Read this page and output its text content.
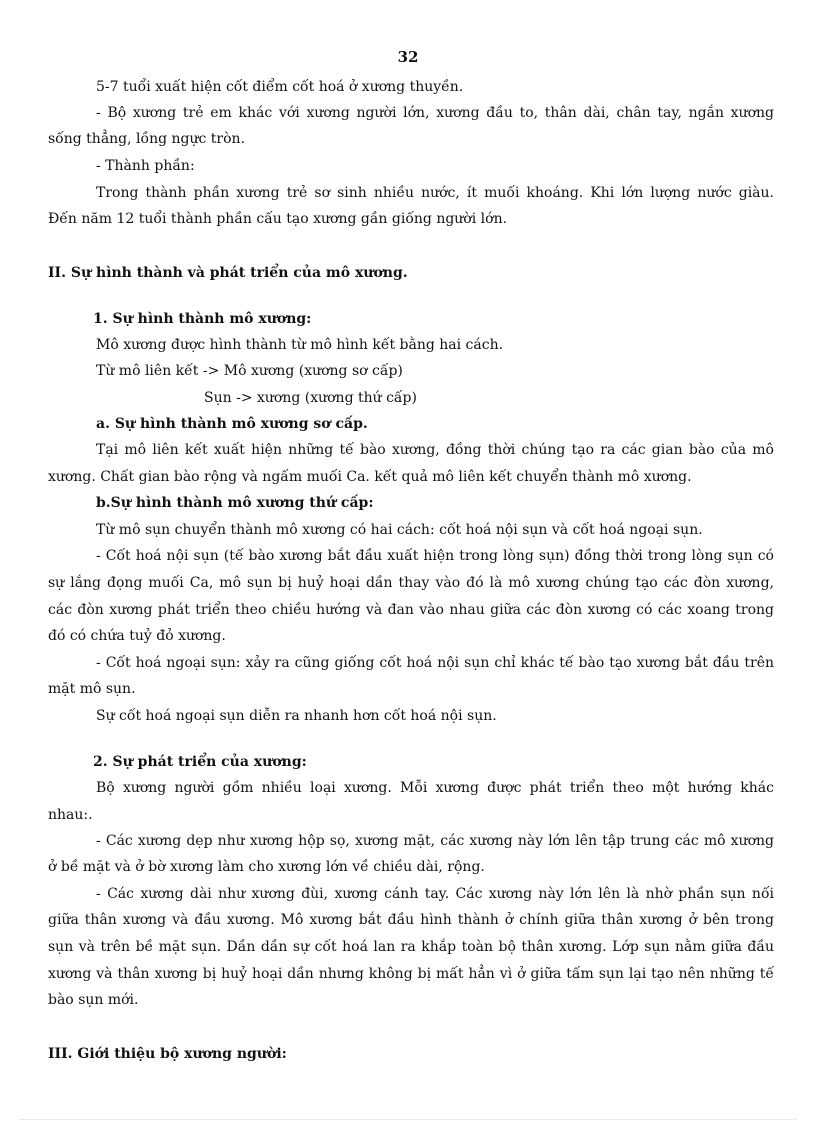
32
5-7 tuổi xuất hiện cốt điểm cốt hoá ở xương thuyền.
- Bộ xương trẻ em khác với xương người lớn, xương đầu to, thân dài, chân tay, ngắn xương
sống thẳng, lồng ngực tròn.
- Thành phần:
Trong thành phần xương trẻ sơ sinh nhiều nước, ít muối khoáng. Khi lớn lượng nước giàu.
Đến năm 12 tuổi thành phần cấu tạo xương gần giống người lớn.
II. Sự hình thành và phát triển của mô xương.
1. Sự hình thành mô xương:
Mô xương được hình thành từ mô hình kết bằng hai cách.
Từ mô liên kết -> Mô xương (xương sơ cấp)
Sụn -> xương (xương thứ cấp)
a. Sự hình thành mô xương sơ cấp.
Tại mô liên kết xuất hiện những tế bào xương, đồng thời chúng tạo ra các gian bào của mô
xương. Chất gian bào rộng và ngấm muối Ca. kết quả mô liên kết chuyển thành mô xương.
b.Sự hình thành mô xương thứ cấp:
Từ mô sụn chuyển thành mô xương có hai cách: cốt hoá nội sụn và cốt hoá ngoại sụn.
- Cốt hoá nội sụn (tế bào xương bắt đầu xuất hiện trong lòng sụn) đồng thời trong lòng sụn có
sự lắng đọng muối Ca, mô sụn bị huỷ hoại dần thay vào đó là mô xương chúng tạo các đòn xương,
các đòn xương phát triển theo chiều hướng và đan vào nhau giữa các đòn xương có các xoang trong
đó có chứa tuỷ đỏ xương.
- Cốt hoá ngoại sụn: xảy ra cũng giống cốt hoá nội sụn chỉ khác tế bào tạo xương bắt đầu trên
mặt mô sụn.
Sự cốt hoá ngoại sụn diễn ra nhanh hơn cốt hoá nội sụn.
2. Sự phát triển của xương:
Bộ xương người gồm nhiều loại xương. Mỗi xương được phát triển theo một hướng khác
nhau:.
- Các xương dẹp như xương hộp sọ, xương mặt, các xương này lớn lên tập trung các mô xương
ở bề mặt và ở bờ xương làm cho xương lớn về chiều dài, rộng.
- Các xương dài như xương đùi, xương cánh tay. Các xương này lớn lên là nhờ phần sụn nối
giữa thân xương và đầu xương. Mô xương bắt đầu hình thành ở chính giữa thân xương ở bên trong
sụn và trên bề mặt sụn. Dần dần sự cốt hoá lan ra khắp toàn bộ thân xương. Lớp sụn nằm giữa đầu
xương và thân xương bị huỷ hoại dần nhưng không bị mất hẳn vì ở giữa tấm sụn lại tạo nên những tế
bào sụn mới.
III. Giới thiệu bộ xương người:
